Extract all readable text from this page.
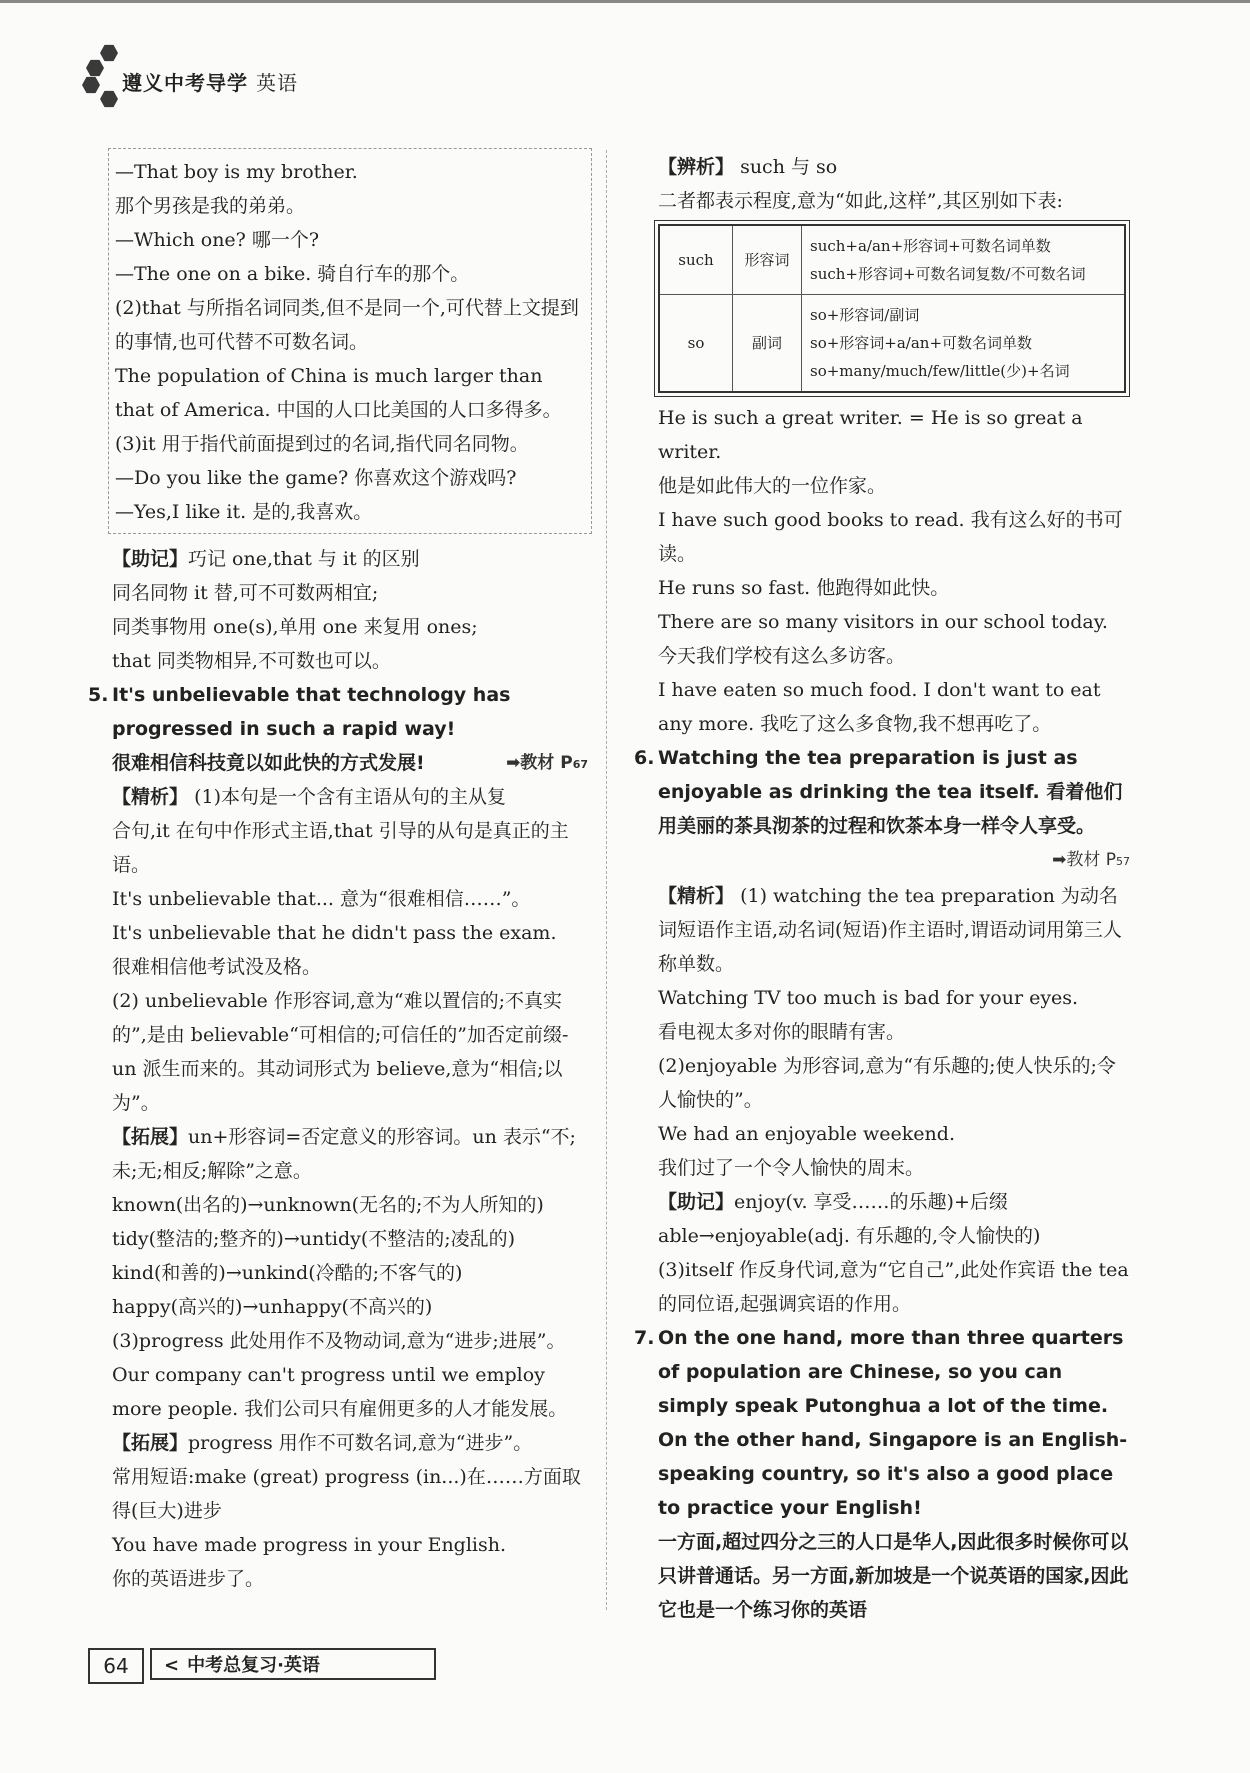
遵义中考导学 英语

—That boy is my brother.

那个男孩是我的弟弟。

—Which one? 哪一个?

—The one on a bike. 骑自行车的那个。

(2)that 与所指名词同类,但不是同一个,可代替上文提到的事情,也可代替不可数名词。

The population of China is much larger than that of America. 中国的人口比美国的人口多得多。

(3)it 用于指代前面提到过的名词,指代同名同物。

—Do you like the game? 你喜欢这个游戏吗?

—Yes,I like it. 是的,我喜欢。

【助记】巧记 one,that 与 it 的区别

同名同物 it 替,可不可数两相宜;

同类事物用 one(s),单用 one 来复用 ones;

that 同类物相异,不可数也可以。

5. It's unbelievable that technology has progressed in such a rapid way!

很难相信科技竟以如此快的方式发展!	➡教材 P67

【精析】 (1)本句是一个含有主语从句的主从复合句,it 在句中作形式主语,that 引导的从句是真正的主语。

It's unbelievable that... 意为“很难相信……”。

It's unbelievable that he didn't pass the exam.

很难相信他考试没及格。

(2) unbelievable 作形容词,意为“难以置信的;不真实的”,是由 believable“可相信的;可信任的”加否定前缀-un 派生而来的。其动词形式为 believe,意为“相信;以为”。

【拓展】un+形容词=否定意义的形容词。un 表示“不;未;无;相反;解除”之意。

known(出名的)→unknown(无名的;不为人所知的)

tidy(整洁的;整齐的)→untidy(不整洁的;凌乱的)

kind(和善的)→unkind(冷酷的;不客气的)

happy(高兴的)→unhappy(不高兴的)

(3)progress 此处用作不及物动词,意为“进步;进展”。

Our company can't progress until we employ more people. 我们公司只有雇佣更多的人才能发展。

【拓展】progress 用作不可数名词,意为“进步”。

常用短语:make (great) progress (in...)在……方面取得(巨大)进步

You have made progress in your English.

你的英语进步了。

【辨析】 such 与 so

二者都表示程度,意为“如此,这样”,其区别如下表:

such	形容词	such+a/an+形容词+可数名词单数
such+形容词+可数名词复数/不可数名词

so	副词	so+形容词/副词
so+形容词+a/an+可数名词单数
so+many/much/few/little(少)+名词

He is such a great writer. = He is so great a writer.

他是如此伟大的一位作家。

I have such good books to read. 我有这么好的书可读。

He runs so fast. 他跑得如此快。

There are so many visitors in our school today.

今天我们学校有这么多访客。

I have eaten so much food. I don't want to eat any more. 我吃了这么多食物,我不想再吃了。

6. Watching the tea preparation is just as enjoyable as drinking the tea itself. 看着他们用美丽的茶具沏茶的过程和饮茶本身一样令人享受。

➡教材 P57

【精析】 (1) watching the tea preparation 为动名词短语作主语,动名词(短语)作主语时,谓语动词用第三人称单数。

Watching TV too much is bad for your eyes.

看电视太多对你的眼睛有害。

(2)enjoyable 为形容词,意为“有乐趣的;使人快乐的;令人愉快的”。

We had an enjoyable weekend.

我们过了一个令人愉快的周末。

【助记】enjoy(v. 享受……的乐趣)+后缀 able→enjoyable(adj. 有乐趣的,令人愉快的)

(3)itself 作反身代词,意为“它自己”,此处作宾语 the tea 的同位语,起强调宾语的作用。

7. On the one hand, more than three quarters of population are Chinese, so you can simply speak Putonghua a lot of the time. On the other hand, Singapore is an English-speaking country, so it's also a good place to practice your English!

一方面,超过四分之三的人口是华人,因此很多时候你可以只讲普通话。另一方面,新加坡是一个说英语的国家,因此它也是一个练习你的英语

64	< 中考总复习·英语
